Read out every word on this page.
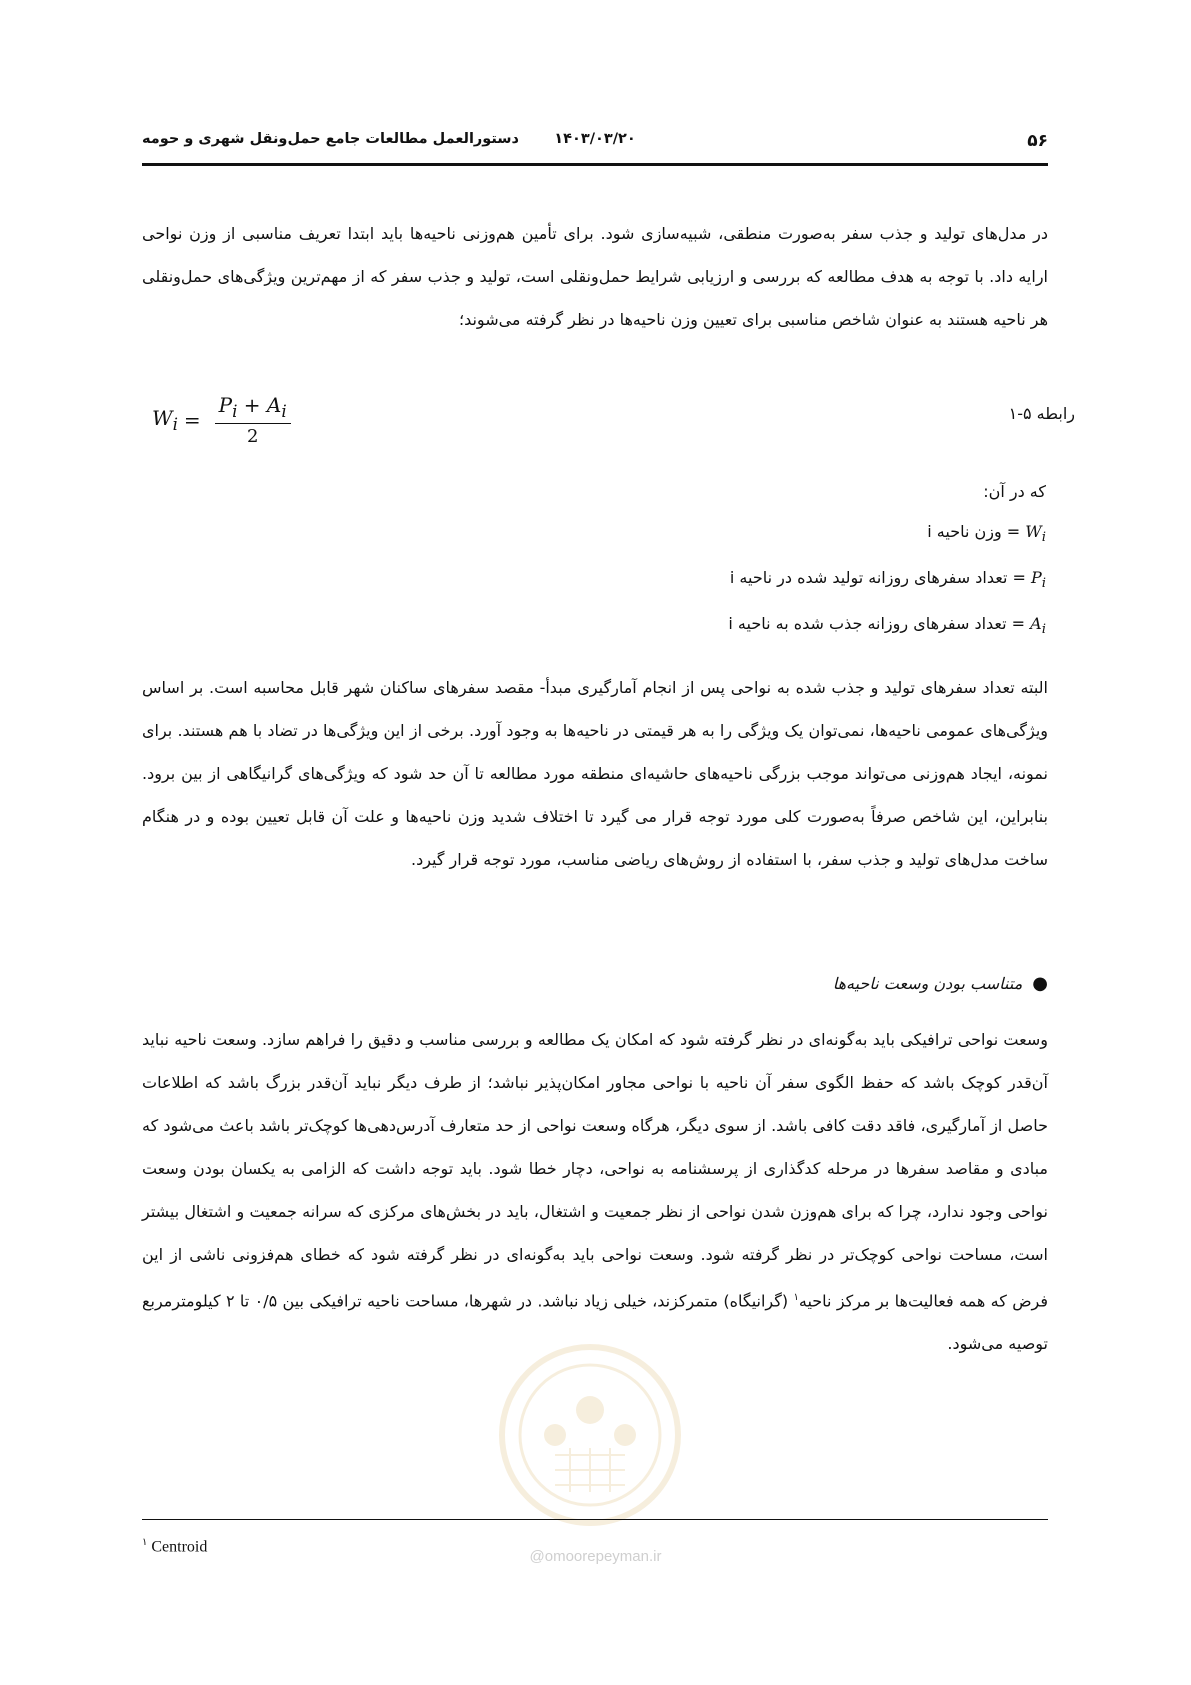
۵۶
۱۴۰۳/۰۳/۲۰
دستورالعمل مطالعات جامع حمل‌ونقل شهری و حومه

در مدل‌های تولید و جذب سفر به‌صورت منطقی، شبیه‌سازی شود. برای تأمین هم‌وزنی ناحیه‌ها باید ابتدا تعریف مناسبی از وزن نواحی ارایه داد. با توجه به هدف مطالعه که بررسی و ارزیابی شرایط حمل‌ونقلی است، تولید و جذب سفر که از مهم‌ترین ویژگی‌های حمل‌ونقلی هر ناحیه هستند به عنوان شاخص مناسبی برای تعیین وزن ناحیه‌ها در نظر گرفته می‌شوند؛

$W_i = \frac{P_i + A_i}{2}$	رابطه ۵-۱
که در آن:
$W_i$ = وزن ناحیه i
$P_i$ = تعداد سفرهای روزانه تولید شده در ناحیه i
$A_i$ = تعداد سفرهای روزانه جذب شده به ناحیه i

البته تعداد سفرهای تولید و جذب شده به نواحی پس از انجام آمارگیری مبدأ- مقصد سفرهای ساکنان شهر قابل محاسبه است. بر اساس ویژگی‌های عمومی ناحیه‌ها، نمی‌توان یک ویژگی را به هر قیمتی در ناحیه‌ها به وجود آورد. برخی از این ویژگی‌ها در تضاد با هم هستند. برای نمونه، ایجاد هم‌وزنی می‌تواند موجب بزرگی ناحیه‌های حاشیه‌ای منطقه مورد مطالعه تا آن حد شود که ویژگی‌های گرانیگاهی از بین برود. بنابراین، این شاخص صرفاً به‌صورت کلی مورد توجه قرار می گیرد تا اختلاف شدید وزن ناحیه‌ها و علت آن قابل تعیین بوده و در هنگام ساخت مدل‌های تولید و جذب سفر، با استفاده از روش‌های ریاضی مناسب، مورد توجه قرار گیرد.

●متناسب بودن وسعت ناحیه‌ها

وسعت نواحی ترافیکی باید به‌گونه‌ای در نظر گرفته شود که امکان یک مطالعه و بررسی مناسب و دقیق را فراهم سازد. وسعت ناحیه نباید آن‌قدر کوچک باشد که حفظ الگوی سفر آن ناحیه با نواحی مجاور امکان‌پذیر نباشد؛ از طرف دیگر نباید آن‌قدر بزرگ باشد که اطلاعات حاصل از آمارگیری، فاقد دقت کافی باشد. از سوی دیگر، هرگاه وسعت نواحی از حد متعارف آدرس‌دهی‌ها کوچک‌تر باشد باعث می‌شود که مبادی و مقاصد سفرها در مرحله کدگذاری از پرسشنامه به نواحی، دچار خطا شود. باید توجه داشت که الزامی به یکسان بودن وسعت نواحی وجود ندارد، چرا که برای هم‌وزن شدن نواحی از نظر جمعیت و اشتغال، باید در بخش‌های مرکزی که سرانه جمعیت و اشتغال بیشتر است، مساحت نواحی کوچک‌تر در نظر گرفته شود. وسعت نواحی باید به‌گونه‌ای در نظر گرفته شود که خطای هم‌فزونی ناشی از این فرض که همه فعالیت‌ها بر مرکز ناحیه$^۱$ (گرانیگاه) متمرکزند، خیلی زیاد نباشد. در شهرها، مساحت ناحیه ترافیکی بین ۰/۵ تا ۲ کیلومترمربع توصیه می‌شود.

@omoorepeyman.ir
$^۱$ Centroid
